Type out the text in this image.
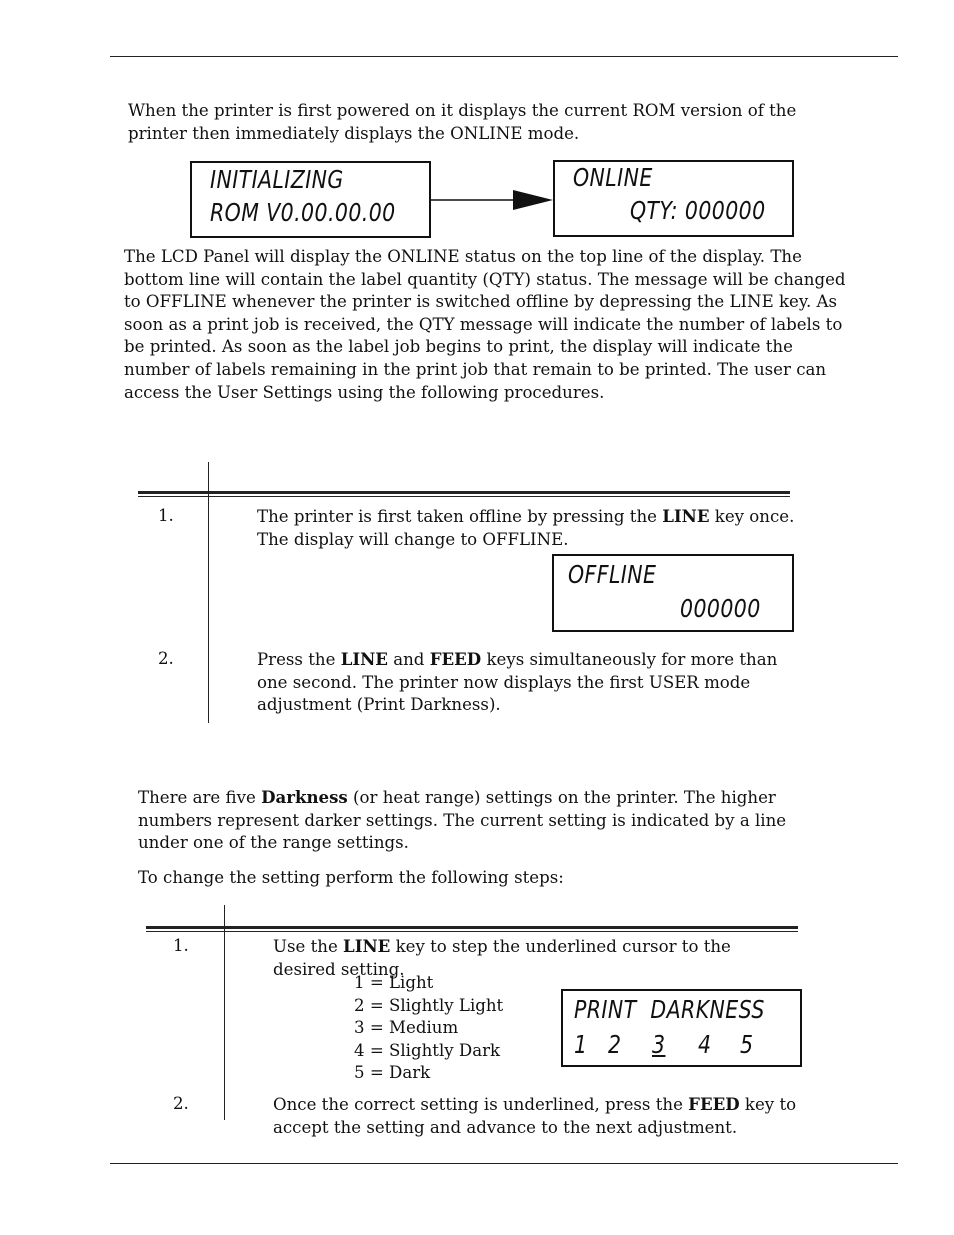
When the printer is first powered on it displays the current ROM version of the printer then immediately displays the ONLINE mode.

INITIALIZING
ROM V0.00.00.00
ONLINE
QTY: 000000

The LCD Panel will display the ONLINE status on the top line of the display. The bottom line will contain the label quantity (QTY) status. The message will be changed to OFFLINE whenever the printer is switched offline by depressing the LINE key. As soon as a print job is received, the QTY message will indicate the number of labels to be printed. As soon as the label job begins to print, the display will indicate the number of labels remaining in the print job that remain to be printed. The user can access the User Settings using the following procedures.

1.	The printer is first taken offline by pressing the LINE key once. The display will change to OFFLINE.
OFFLINE
000000
2.	Press the LINE and FEED keys simultaneously for more than one second. The printer now displays the first USER mode adjustment (Print Darkness).

There are five Darkness (or heat range) settings on the printer. The higher numbers represent darker settings. The current setting is indicated by a line under one of the range settings.

To change the setting perform the following steps:

1.	Use the LINE key to step the underlined cursor to the desired setting.
1 = Light
2 = Slightly Light
3 = Medium
4 = Slightly Dark
5 = Dark
PRINT  DARKNESS
1 2 3 4 5
2.	Once the correct setting is underlined, press the FEED key to accept the setting and advance to the next adjustment.
